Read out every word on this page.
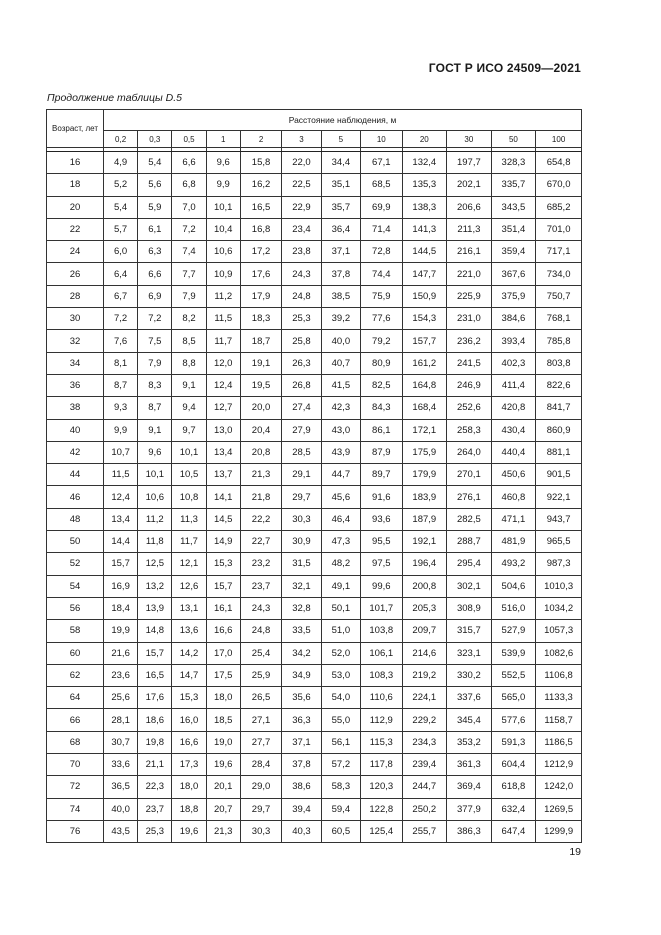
ГОСТ Р ИСО 24509—2021
Продолжение таблицы D.5
Возраст, лет	Расстояние наблюдения, м											
	0,2	0,3	0,5	1	2	3	5	10	20	30	50	100

16	4,9	5,4	6,6	9,6	15,8	22,0	34,4	67,1	132,4	197,7	328,3	654,8
18	5,2	5,6	6,8	9,9	16,2	22,5	35,1	68,5	135,3	202,1	335,7	670,0
20	5,4	5,9	7,0	10,1	16,5	22,9	35,7	69,9	138,3	206,6	343,5	685,2
22	5,7	6,1	7,2	10,4	16,8	23,4	36,4	71,4	141,3	211,3	351,4	701,0
24	6,0	6,3	7,4	10,6	17,2	23,8	37,1	72,8	144,5	216,1	359,4	717,1
26	6,4	6,6	7,7	10,9	17,6	24,3	37,8	74,4	147,7	221,0	367,6	734,0
28	6,7	6,9	7,9	11,2	17,9	24,8	38,5	75,9	150,9	225,9	375,9	750,7
30	7,2	7,2	8,2	11,5	18,3	25,3	39,2	77,6	154,3	231,0	384,6	768,1
32	7,6	7,5	8,5	11,7	18,7	25,8	40,0	79,2	157,7	236,2	393,4	785,8
34	8,1	7,9	8,8	12,0	19,1	26,3	40,7	80,9	161,2	241,5	402,3	803,8
36	8,7	8,3	9,1	12,4	19,5	26,8	41,5	82,5	164,8	246,9	411,4	822,6
38	9,3	8,7	9,4	12,7	20,0	27,4	42,3	84,3	168,4	252,6	420,8	841,7
40	9,9	9,1	9,7	13,0	20,4	27,9	43,0	86,1	172,1	258,3	430,4	860,9
42	10,7	9,6	10,1	13,4	20,8	28,5	43,9	87,9	175,9	264,0	440,4	881,1
44	11,5	10,1	10,5	13,7	21,3	29,1	44,7	89,7	179,9	270,1	450,6	901,5
46	12,4	10,6	10,8	14,1	21,8	29,7	45,6	91,6	183,9	276,1	460,8	922,1
48	13,4	11,2	11,3	14,5	22,2	30,3	46,4	93,6	187,9	282,5	471,1	943,7
50	14,4	11,8	11,7	14,9	22,7	30,9	47,3	95,5	192,1	288,7	481,9	965,5
52	15,7	12,5	12,1	15,3	23,2	31,5	48,2	97,5	196,4	295,4	493,2	987,3
54	16,9	13,2	12,6	15,7	23,7	32,1	49,1	99,6	200,8	302,1	504,6	1010,3
56	18,4	13,9	13,1	16,1	24,3	32,8	50,1	101,7	205,3	308,9	516,0	1034,2
58	19,9	14,8	13,6	16,6	24,8	33,5	51,0	103,8	209,7	315,7	527,9	1057,3
60	21,6	15,7	14,2	17,0	25,4	34,2	52,0	106,1	214,6	323,1	539,9	1082,6
62	23,6	16,5	14,7	17,5	25,9	34,9	53,0	108,3	219,2	330,2	552,5	1106,8
64	25,6	17,6	15,3	18,0	26,5	35,6	54,0	110,6	224,1	337,6	565,0	1133,3
66	28,1	18,6	16,0	18,5	27,1	36,3	55,0	112,9	229,2	345,4	577,6	1158,7
68	30,7	19,8	16,6	19,0	27,7	37,1	56,1	115,3	234,3	353,2	591,3	1186,5
70	33,6	21,1	17,3	19,6	28,4	37,8	57,2	117,8	239,4	361,3	604,4	1212,9
72	36,5	22,3	18,0	20,1	29,0	38,6	58,3	120,3	244,7	369,4	618,8	1242,0
74	40,0	23,7	18,8	20,7	29,7	39,4	59,4	122,8	250,2	377,9	632,4	1269,5
76	43,5	25,3	19,6	21,3	30,3	40,3	60,5	125,4	255,7	386,3	647,4	1299,9
19
